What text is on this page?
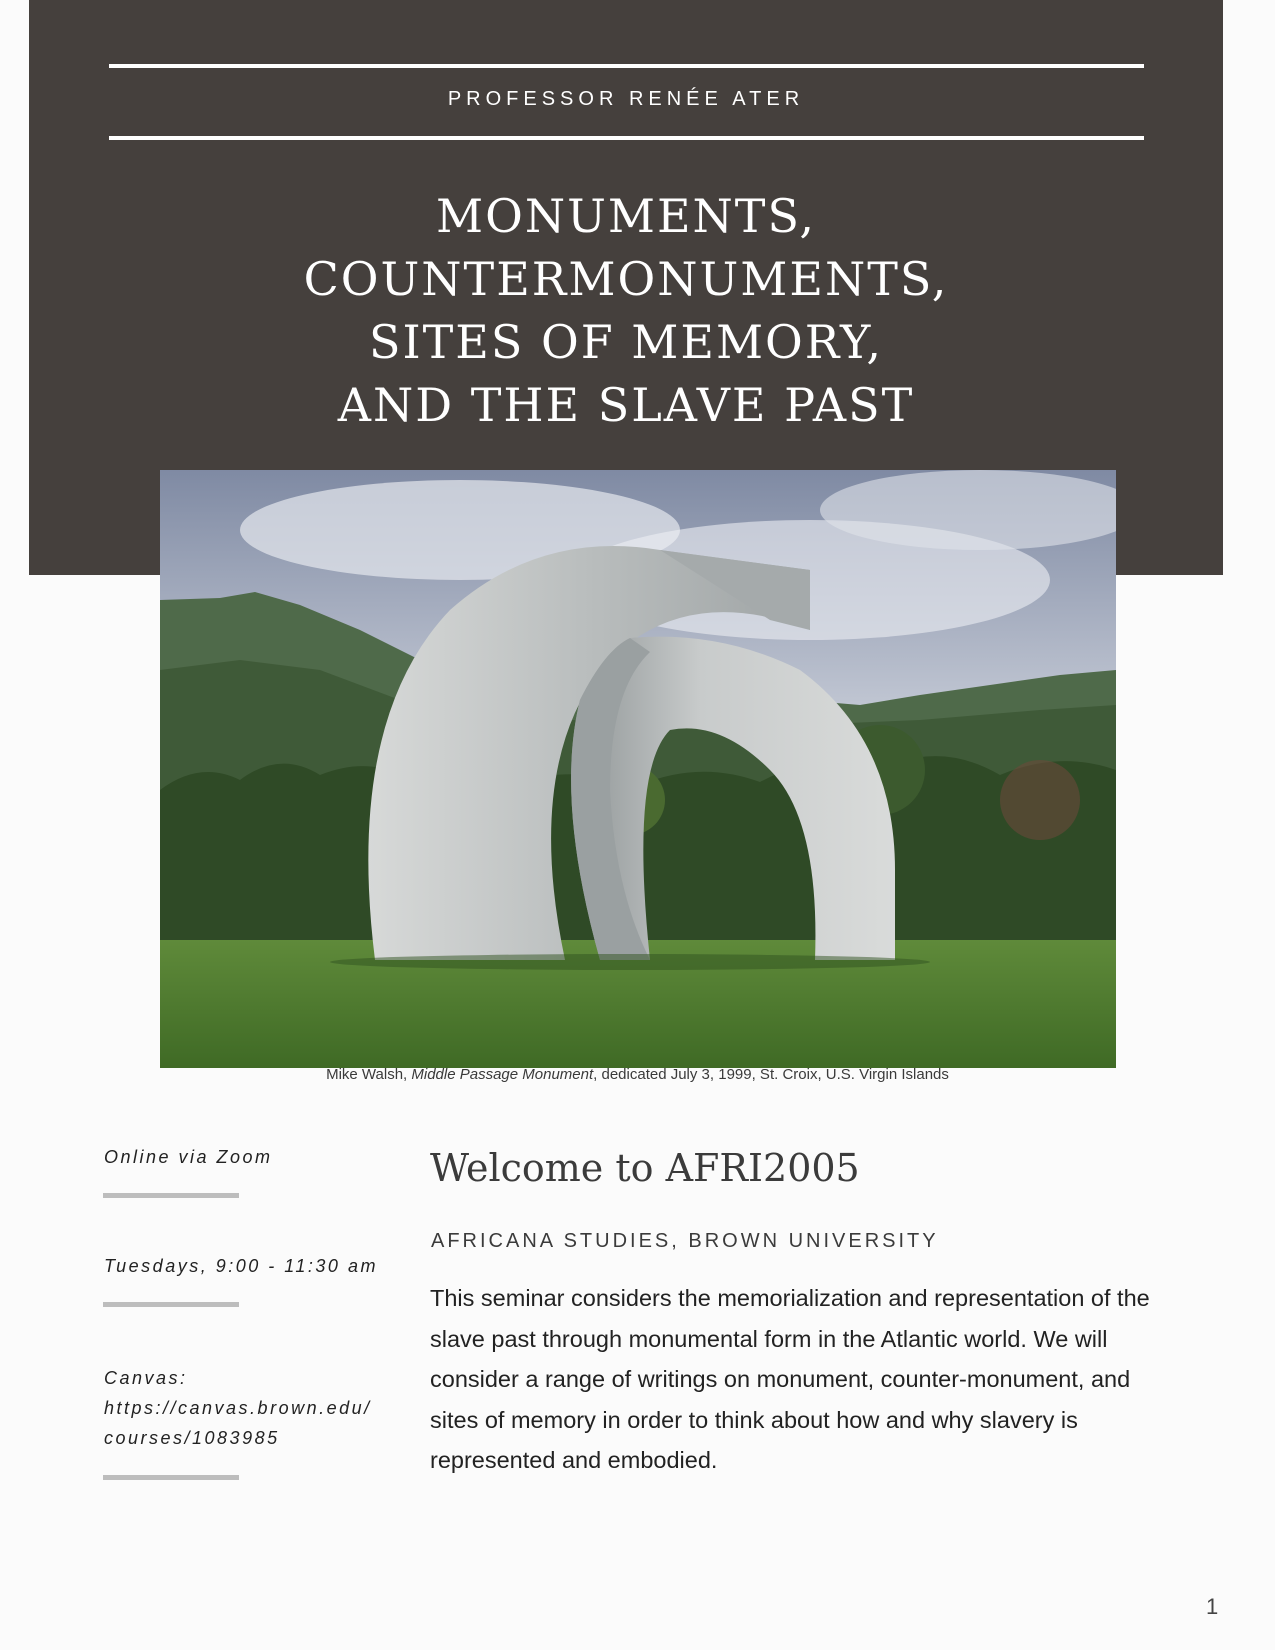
PROFESSOR RENÉE ATER
MONUMENTS,
COUNTERMONUMENTS,
SITES OF MEMORY,
AND THE SLAVE PAST
Mike Walsh, Middle Passage Monument, dedicated July 3, 1999, St. Croix, U.S. Virgin Islands
Online via Zoom
Tuesdays, 9:00 - 11:30 am
Canvas:
https://canvas.brown.edu/
courses/1083985
Welcome to AFRI2005
AFRICANA STUDIES, BROWN UNIVERSITY
This seminar considers the memorialization and representation of the slave past through monumental form in the Atlantic world. We will consider a range of writings on monument, counter-monument, and sites of memory in order to think about how and why slavery is represented and embodied.
1
